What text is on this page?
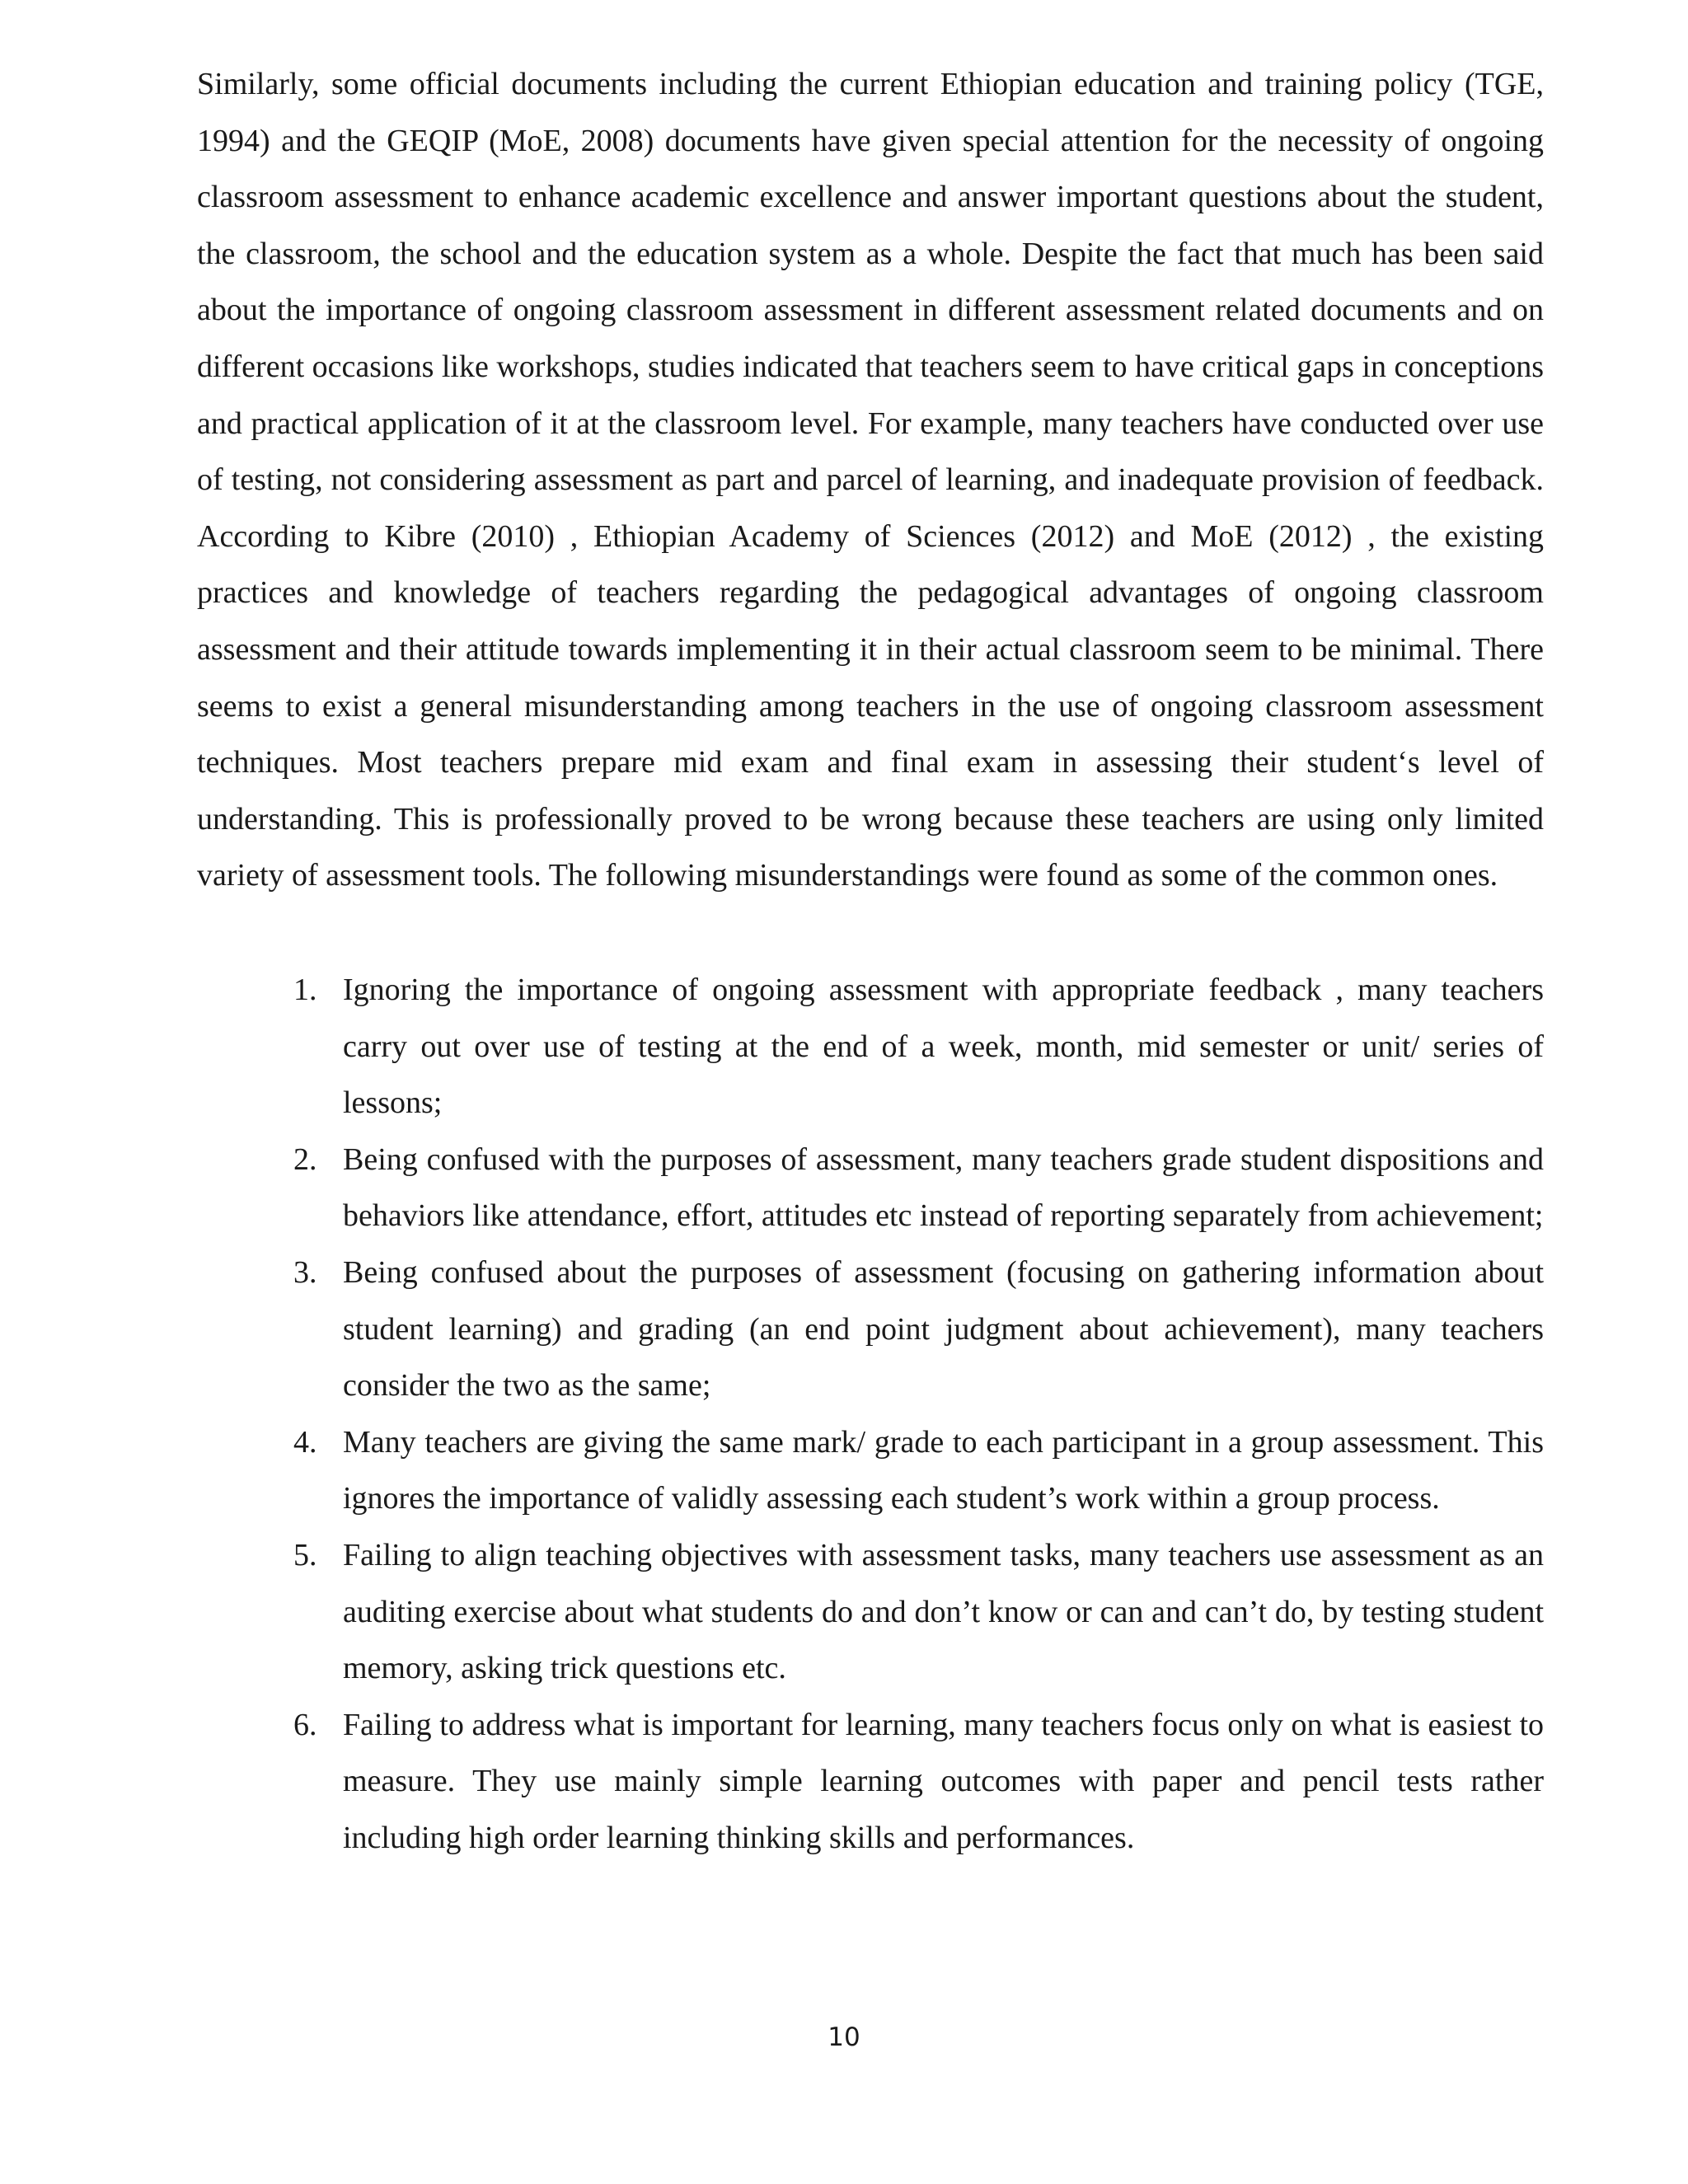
Similarly, some official documents including the current Ethiopian education and training policy (TGE, 1994) and the GEQIP (MoE, 2008) documents have given special attention for the necessity of ongoing classroom assessment to enhance academic excellence and answer important questions about the student, the classroom, the school and the education system as a whole. Despite the fact that much has been said about the importance of ongoing classroom assessment in different assessment related documents and on different occasions like workshops, studies indicated that teachers seem to have critical gaps in conceptions and practical application of it at the classroom level. For example, many teachers have conducted over use of testing, not considering assessment as part and parcel of learning, and inadequate provision of feedback. According to Kibre (2010) , Ethiopian Academy of Sciences (2012) and MoE (2012) , the existing practices and knowledge of teachers regarding the pedagogical advantages of ongoing classroom assessment and their attitude towards implementing it in their actual classroom seem to be minimal. There seems to exist a general misunderstanding among teachers in the use of ongoing classroom assessment techniques. Most teachers prepare mid exam and final exam in assessing their student‘s level of understanding. This is professionally proved to be wrong because these teachers are using only limited variety of assessment tools. The following misunderstandings were found as some of the common ones.

1. Ignoring the importance of ongoing assessment with appropriate feedback , many teachers carry out over use of testing at the end of a week, month, mid semester or unit/ series of lessons;
2. Being confused with the purposes of assessment, many teachers grade student dispositions and behaviors like attendance, effort, attitudes etc instead of reporting separately from achievement;
3. Being confused about the purposes of assessment (focusing on gathering information about student learning) and grading (an end point judgment about achievement), many teachers consider the two as the same;
4. Many teachers are giving the same mark/ grade to each participant in a group assessment. This ignores the importance of validly assessing each student’s work within a group process.
5. Failing to align teaching objectives with assessment tasks, many teachers use assessment as an auditing exercise about what students do and don’t know or can and can’t do, by testing student memory, asking trick questions etc.
6. Failing to address what is important for learning, many teachers focus only on what is easiest to measure. They use mainly simple learning outcomes with paper and pencil tests rather including high order learning thinking skills and performances.
10
